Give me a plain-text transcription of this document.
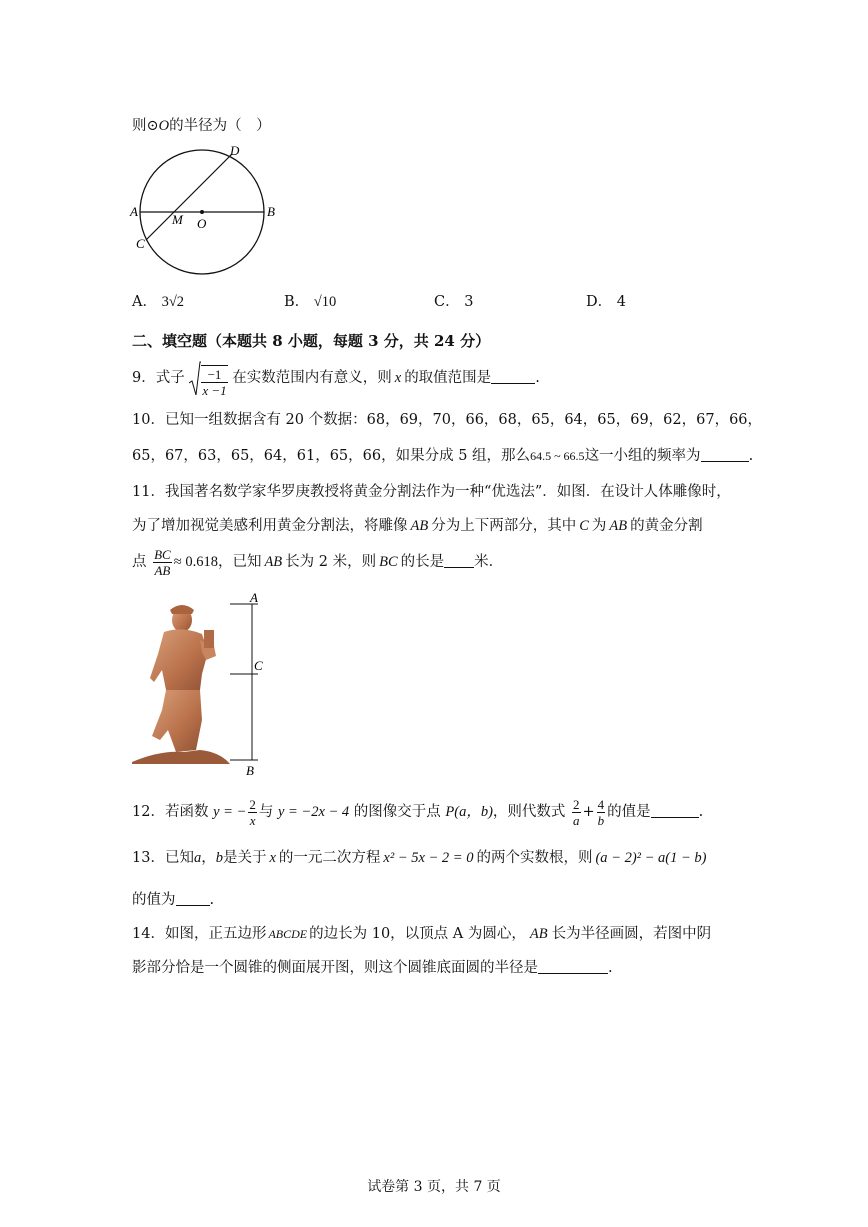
则⊙O的半径为（　）
D
A	B
M O
C
A． 3√2	B． √10	C． 3	D． 4
二、填空题（本题共 8 小题，每题 3 分，共 24 分）
9．式子 $\frac{-1}{x -1}$ 在实数范围内有意义，则 x 的取值范围是	.
10．已知一组数据含有 20 个数据：68，69，70，66，68，65，64，65，69，62，67，66，
65，67，63，65，64，61，65，66，如果分成 5 组，那么64.5 ~ 66.5这一小组的频率为	.
11．我国著名数学家华罗庚教授将黄金分割法作为一种“优选法”．如图．在设计人体雕像时，
为了增加视觉美感利用黄金分割法，将雕像 AB 分为上下两部分，其中 C 为 AB 的黄金分割
点 $\frac{BC}{AB} \approx 0.618$，已知 AB 长为 2 米，则 BC 的长是 米．
A
C
B
12．若函数 y = − $\frac{2}{x}$ 与 y = −2x − 4 的图像交于点 P(a，b)，则代数式 $\frac{2}{a} + \frac{4}{b}$ 的值是	.
13．已知a，b是关于 x 的一元二次方程 x² − 5x − 2 = 0 的两个实数根，则 (a − 2)² − a(1 − b)
的值为 .
14．如图，正五边形 ABCDE 的边长为 10，以顶点 A 为圆心， AB 长为半径画圆，若图中阴
影部分恰是一个圆锥的侧面展开图，则这个圆锥底面圆的半径是	.
试卷第 3 页，共 7 页
